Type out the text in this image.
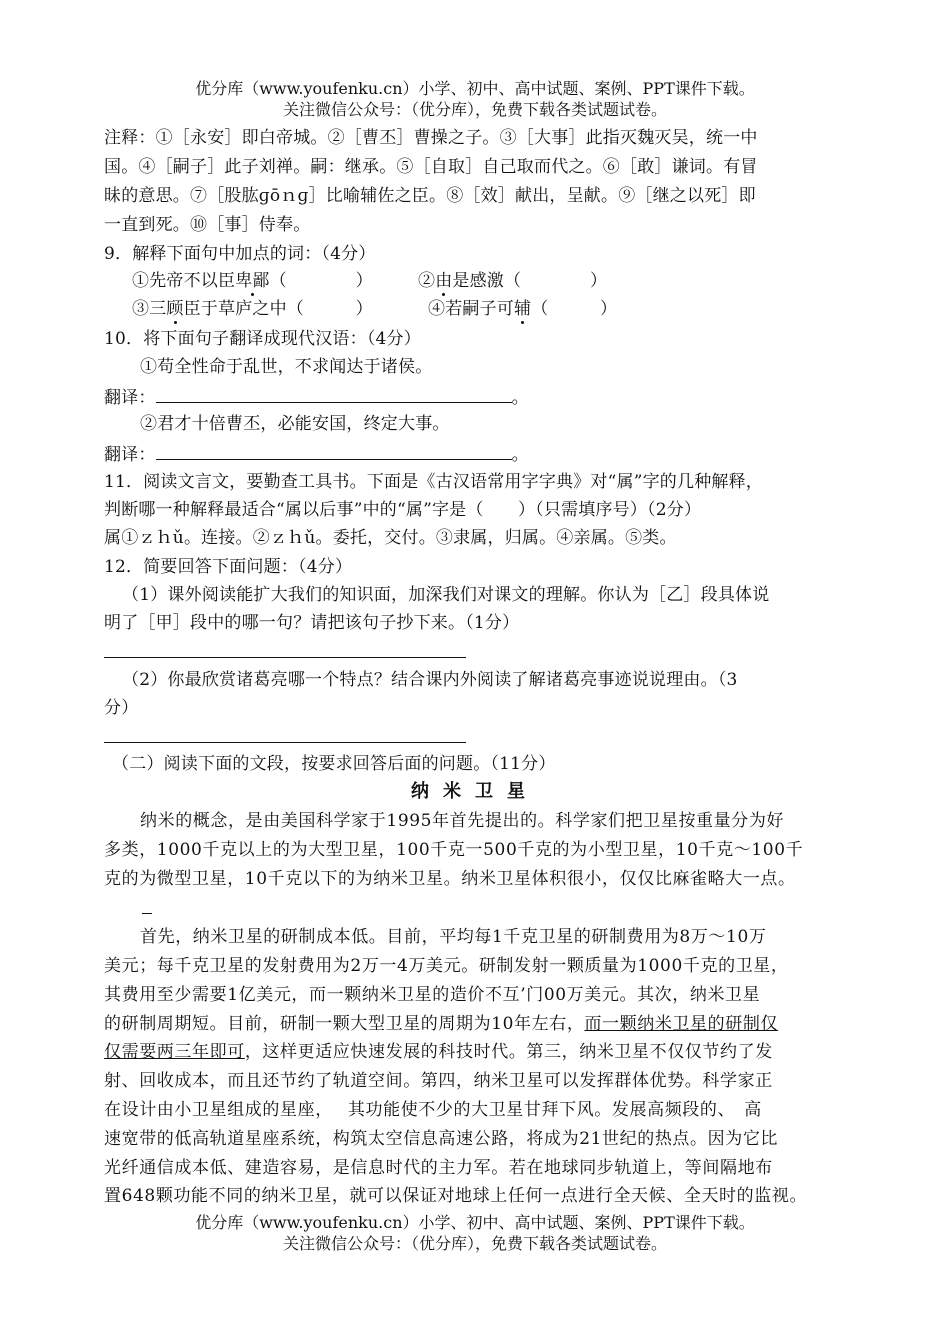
优分库（www.youfenku.cn）小学、初中、高中试题、案例、PPT课件下载。
关注微信公众号：（优分库），免费下载各类试题试卷。
注释：①［永安］即白帝城。②［曹丕］曹操之子。③［大事］此指灭魏灭吴，统一中
国。④［嗣子］此子刘禅。嗣：继承。⑤［自取］自己取而代之。⑥［敢］谦词。有冒
昧的意思。⑦［股肱ɡōｎɡ］比喻辅佐之臣。⑧［效］献出，呈献。⑨［继之以死］即
一直到死。⑩［事］侍奉。
9．解释下面句中加点的词：（4分）
①先帝不以臣卑鄙（　　　　）	②由是感激（　　　　）
③三顾臣于草庐之中（　　　）	④若嗣子可辅（　　　）
10．将下面句子翻译成现代汉语：（4分）
①苟全性命于乱世，不求闻达于诸侯。
翻译：	。
②君才十倍曹丕，必能安国，终定大事。
翻译：	。
11．阅读文言文，要勤查工具书。下面是《古汉语常用字字典》对“属”字的几种解释，
判断哪一种解释最适合“属以后事”中的“属”字是（　　）（只需填序号）（2分）
属①ｚｈǔ。连接。②ｚｈǔ。委托，交付。③隶属，归属。④亲属。⑤类。
12．简要回答下面问题：（4分）
（1）课外阅读能扩大我们的知识面，加深我们对课文的理解。你认为［乙］段具体说
明了［甲］段中的哪一句？请把该句子抄下来。（1分）
（2）你最欣赏诸葛亮哪一个特点？结合课内外阅读了解诸葛亮事迹说说理由。（3
分）
（二）阅读下面的文段，按要求回答后面的问题。（11分）
纳米卫星
纳米的概念，是由美国科学家于1995年首先提出的。科学家们把卫星按重量分为好
多类，1000千克以上的为大型卫星，100千克一500千克的为小型卫星，10千克～100千
克的为微型卫星，10千克以下的为纳米卫星。纳米卫星体积很小，仅仅比麻雀略大一点。
首先，纳米卫星的研制成本低。目前，平均每1千克卫星的研制费用为8万～10万
美元；每千克卫星的发射费用为2万一4万美元。研制发射一颗质量为1000千克的卫星，
其费用至少需要1亿美元，而一颗纳米卫星的造价不互’门00万美元。其次，纳米卫星
的研制周期短。目前，研制一颗大型卫星的周期为10年左右，而一颗纳米卫星的研制仅
仅需要两三年即可，这样更适应快速发展的科技时代。第三，纳米卫星不仅仅节约了发
射、回收成本，而且还节约了轨道空间。第四，纳米卫星可以发挥群体优势。科学家正
在设计由小卫星组成的星座，　 其功能使不少的大卫星甘拜下风。发展高频段的、　高
速宽带的低高轨道星座系统，构筑太空信息高速公路，将成为21世纪的热点。因为它比
光纤通信成本低、建造容易，是信息时代的主力军。若在地球同步轨道上，等间隔地布
置648颗功能不同的纳米卫星，就可以保证对地球上任何一点进行全天候、全天时的监视。
优分库（www.youfenku.cn）小学、初中、高中试题、案例、PPT课件下载。
关注微信公众号：（优分库），免费下载各类试题试卷。
